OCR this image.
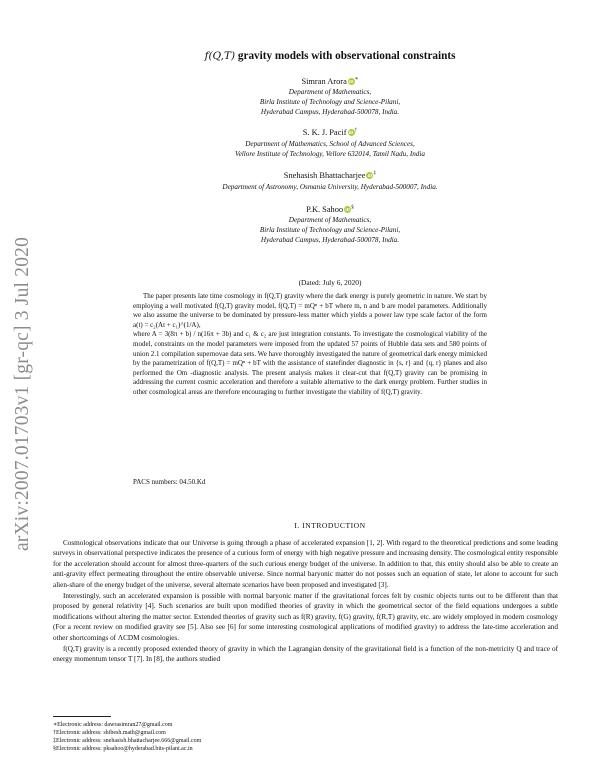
arXiv:2007.01703v1 [gr-qc] 3 Jul 2020
f(Q,T) gravity models with observational constraints
Simran Arora iD∗
Department of Mathematics,
Birla Institute of Technology and Science-Pilani,
Hyderabad Campus, Hyderabad-500078, India.
S. K. J. Pacif iD†
Department of Mathematics, School of Advanced Sciences,
Vellore Institute of Technology, Vellore 632014, Tamil Nadu, India
Snehasish Bhattacharjee iD‡
Department of Astronomy, Osmania University, Hyderabad-500007, India.
P.K. Sahoo iD§
Department of Mathematics,
Birla Institute of Technology and Science-Pilani,
Hyderabad Campus, Hyderabad-500078, India.
(Dated: July 6, 2020)

The paper presents late time cosmology in f(Q,T) gravity where the dark energy is purely geometric in nature. We start by employing a well motivated f(Q,T) gravity model, f(Q,T) = mQⁿ + bT where m, n and b are model parameters. Additionally we also assume the universe to be dominated by pressure-less matter which yields a power law type scale factor of the form a(t) = c₂(At + c₁)^(1/A),

where A = 3(8π + b) / n(16π + 3b) and c₁ & c₂ are just integration constants. To investigate the cosmological viability of the model, constraints on the model parameters were imposed from the updated 57 points of Hubble data sets and 580 points of union 2.1 compilation supernovae data sets. We have thoroughly investigated the nature of geometrical dark energy mimicked by the parametrization of f(Q,T) = mQⁿ + bT with the assistance of statefinder diagnostic in {s, r} and {q, r} planes and also performed the Om -diagnostic analysis. The present analysis makes it clear-cut that f(Q,T) gravity can be promising in addressing the current cosmic acceleration and therefore a suitable alternative to the dark energy problem. Further studies in other cosmological areas are therefore encouraging to further investigate the viability of f(Q,T) gravity.

PACS numbers: 04.50.Kd
I. INTRODUCTION

Cosmological observations indicate that our Universe is going through a phase of accelerated expansion [1, 2]. With regard to the theoretical predictions and some leading surveys in observational perspective indicates the presence of a curious form of energy with high negative pressure and increasing density. The cosmological entity responsible for the acceleration should account for almost three-quarters of the such curious energy budget of the universe. In addition to that, this entity should also be able to create an anti-gravity effect permeating throughout the entire observable universe. Since normal baryonic matter do not posses such an equation of state, let alone to account for such alien-share of the energy budget of the universe, several alternate scenarios have been proposed and investigated [3].

Interestingly, such an accelerated expansion is possible with normal baryonic matter if the gravitational forces felt by cosmic objects turns out to be different than that proposed by general relativity [4]. Such scenarios are built upon modified theories of gravity in which the geometrical sector of the field equations undergoes a subtle modifications without altering the matter sector. Extended theories of gravity such as f(R) gravity, f(G) gravity, f(R,T) gravity, etc. are widely employed in modern cosmology (For a recent review on modified gravity see [5]. Also see [6] for some interesting cosmological applications of modified gravity) to address the late-time acceleration and other shortcomings of ΛCDM cosmologies.

f(Q,T) gravity is a recently proposed extended theory of gravity in which the Lagrangian density of the gravitational field is a function of the non-metricity Q and trace of energy momentum tensor T [7]. In [8], the authors studied

∗Electronic address: dawrasimran27@gmail.com
†Electronic address: shibesh.math@gmail.com
‡Electronic address: snehasish.bhattacharjee.666@gmail.com
§Electronic address: pksahoo@hyderabad.bits-pilani.ac.in
